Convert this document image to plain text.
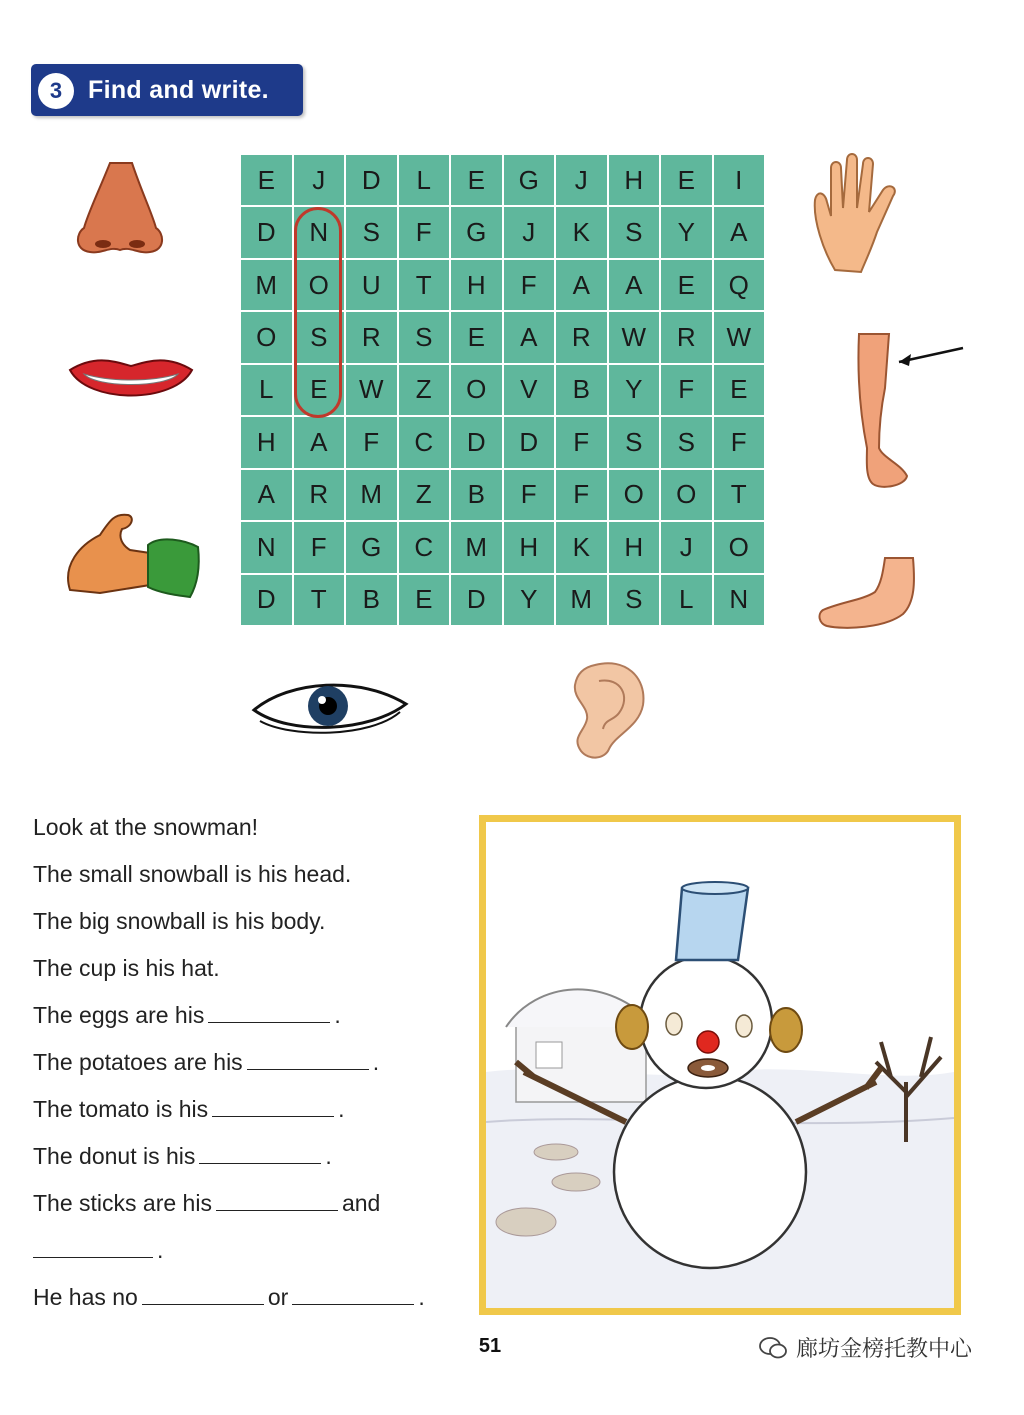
3	Find and write.
E	J	D	L	E	G	J	H	E	I
D	N	S	F	G	J	K	S	Y	A
M	O	U	T	H	F	A	A	E	Q
O	S	R	S	E	A	R	W	R	W
L	E	W	Z	O	V	B	Y	F	E
H	A	F	C	D	D	F	S	S	F
A	R	M	Z	B	F	F	O	O	T
N	F	G	C	M	H	K	H	J	O
D	T	B	E	D	Y	M	S	L	N
Look at the snowman!
The small snowball is his head.
The big snowball is his body.
The cup is his hat.
The eggs are his	.
The potatoes are his	.
The tomato is his	.
The donut is his	.
The sticks are his	and
.
He has no	or	.
51	廊坊金榜托教中心
